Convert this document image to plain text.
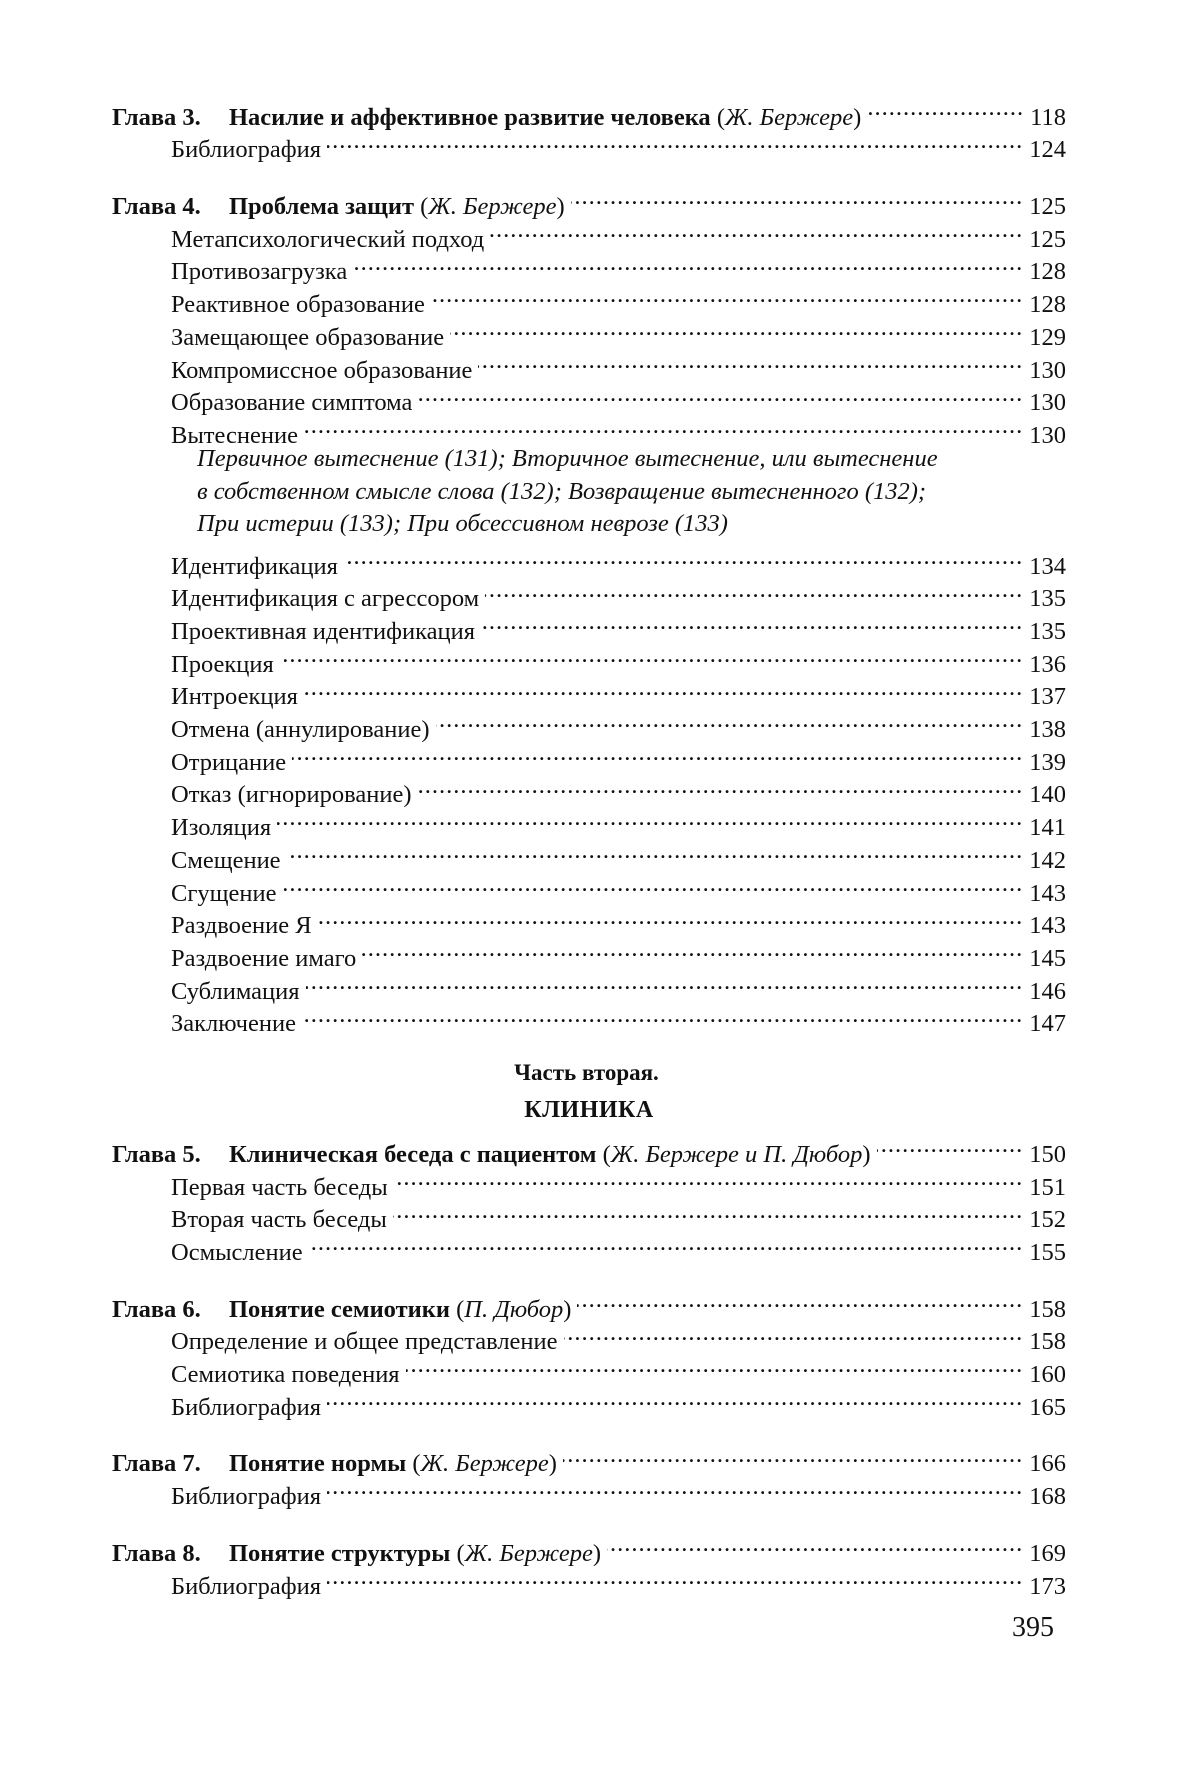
Глава 3. Насилие и аффективное развитие человека (Ж. Бержере) .....	118
Библиография .....	124
Глава 4. Проблема защит (Ж. Бержере) .....	125
Метапсихологический подход .....	125
Противозагрузка .....	128
Реактивное образование .....	128
Замещающее образование .....	129
Компромиссное образование .....	130
Образование симптома .....	130
Вытеснение .....	130
Первичное вытеснение (131); Вторичное вытеснение, или вытеснение
в собственном смысле слова (132); Возвращение вытесненного (132);
При истерии (133); При обсессивном неврозе (133)
Идентификация .....	134
Идентификация с агрессором .....	135
Проективная идентификация .....	135
Проекция .....	136
Интроекция .....	137
Отмена (аннулирование) .....	138
Отрицание .....	139
Отказ (игнорирование) .....	140
Изоляция .....	141
Смещение .....	142
Сгущение .....	143
Раздвоение Я .....	143
Раздвоение имаго .....	145
Сублимация .....	146
Заключение .....	147
Часть вторая.
КЛИНИКА
Глава 5. Клиническая беседа с пациентом (Ж. Бержере и П. Дюбор) .....	150
Первая часть беседы .....	151
Вторая часть беседы .....	152
Осмысление .....	155
Глава 6. Понятие семиотики (П. Дюбор) .....	158
Определение и общее представление .....	158
Семиотика поведения .....	160
Библиография .....	165
Глава 7. Понятие нормы (Ж. Бержере) .....	166
Библиография .....	168
Глава 8. Понятие структуры (Ж. Бержере) .....	169
Библиография .....	173
395
